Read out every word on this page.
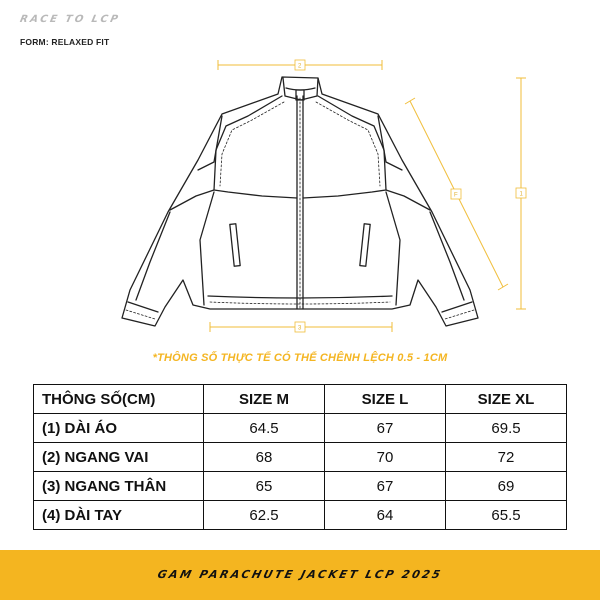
RACE TO LCP
FORM: RELAXED FIT
2
3
1
F
*THÔNG SỐ THỰC TẾ CÓ THỂ CHÊNH LỆCH 0.5 - 1CM
THÔNG SỐ(CM)	SIZE M	SIZE L	SIZE XL
(1) DÀI ÁO	64.5	67	69.5
(2) NGANG VAI	68	70	72
(3) NGANG THÂN	65	67	69
(4) DÀI TAY	62.5	64	65.5
GAM PARACHUTE JACKET LCP 2025
